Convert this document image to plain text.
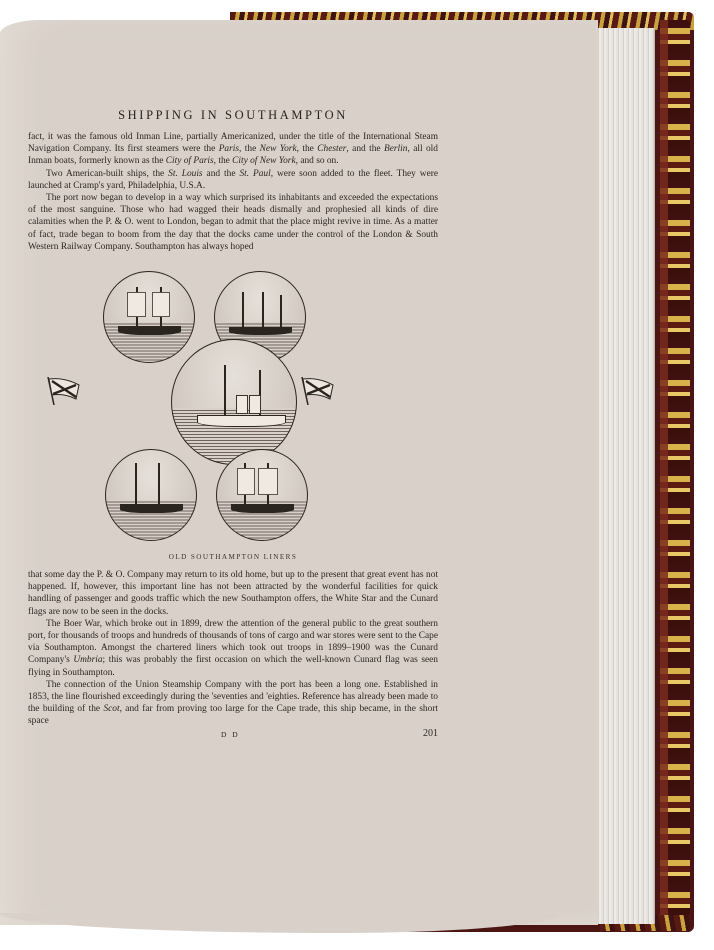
SHIPPING IN SOUTHAMPTON

fact, it was the famous old Inman Line, partially Americanized, under the title of the International Steam Navigation Company. Its first steamers were the Paris, the New York, the Chester, and the Berlin, all old Inman boats, formerly known as the City of Paris, the City of New York, and so on.

Two American-built ships, the St. Louis and the St. Paul, were soon added to the fleet. They were launched at Cramp's yard, Philadelphia, U.S.A.

The port now began to develop in a way which surprised its inhabitants and exceeded the expectations of the most sanguine. Those who had wagged their heads dismally and prophesied all kinds of dire calamities when the P. & O. went to London, began to admit that the place might revive in time. As a matter of fact, trade began to boom from the day that the docks came under the control of the London & South Western Railway Company. Southampton has always hoped

OLD SOUTHAMPTON LINERS

that some day the P. & O. Company may return to its old home, but up to the present that great event has not happened. If, however, this important line has not been attracted by the wonderful facilities for quick handling of passenger and goods traffic which the new Southampton offers, the White Star and the Cunard flags are now to be seen in the docks.

The Boer War, which broke out in 1899, drew the attention of the general public to the great southern port, for thousands of troops and hundreds of thousands of tons of cargo and war stores were sent to the Cape via Southampton. Amongst the chartered liners which took out troops in 1899–1900 was the Cunard Company's Umbria; this was probably the first occasion on which the well-known Cunard flag was seen flying in Southampton.

The connection of the Union Steamship Company with the port has been a long one. Established in 1853, the line flourished exceedingly during the 'seventies and 'eighties. Reference has already been made to the building of the Scot, and far from proving too large for the Cape trade, this ship became, in the short space

D D	201
